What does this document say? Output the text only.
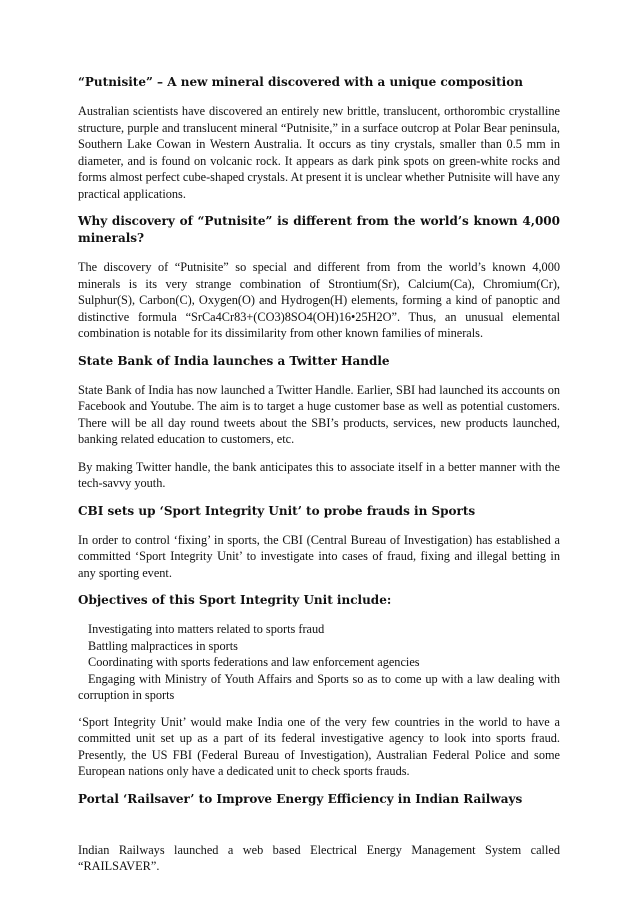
“Putnisite” – A new mineral discovered with a unique composition

Australian scientists have discovered an entirely new brittle, translucent, orthorombic crystalline structure, purple and translucent mineral “Putnisite,” in a surface outcrop at Polar Bear peninsula, Southern Lake Cowan in Western Australia. It occurs as tiny crystals, smaller than 0.5 mm in diameter, and is found on volcanic rock. It appears as dark pink spots on green-white rocks and forms almost perfect cube-shaped crystals. At present it is unclear whether Putnisite will have any practical applications.

Why discovery of “Putnisite” is different from the world’s known 4,000 minerals?

The discovery of “Putnisite” so special and different from from the world’s known 4,000 minerals is its very strange combination of Strontium(Sr), Calcium(Ca), Chromium(Cr), Sulphur(S), Carbon(C), Oxygen(O) and Hydrogen(H) elements, forming a kind of panoptic and distinctive formula “SrCa4Cr83+(CO3)8SO4(OH)16•25H2O”. Thus, an unusual elemental combination is notable for its dissimilarity from other known families of minerals.

State Bank of India launches a Twitter Handle

State Bank of India has now launched a Twitter Handle. Earlier, SBI had launched its accounts on Facebook and Youtube. The aim is to target a huge customer base as well as potential customers. There will be all day round tweets about the SBI’s products, services, new products launched, banking related education to customers, etc.

By making Twitter handle, the bank anticipates this to associate itself in a better manner with the tech-savvy youth.

CBI sets up ‘Sport Integrity Unit’ to probe frauds in Sports

In order to control ‘fixing’ in sports, the CBI (Central Bureau of Investigation) has established a committed ‘Sport Integrity Unit’ to investigate into cases of fraud, fixing and illegal betting in any sporting event.

Objectives of this Sport Integrity Unit include:
Investigating into matters related to sports fraud
Battling malpractices in sports
Coordinating with sports federations and law enforcement agencies
Engaging with Ministry of Youth Affairs and Sports so as to come up with a law dealing with corruption in sports

‘Sport Integrity Unit’ would make India one of the very few countries in the world to have a committed unit set up as a part of its federal investigative agency to look into sports fraud. Presently, the US FBI (Federal Bureau of Investigation), Australian Federal Police and some European nations only have a dedicated unit to check sports frauds.

Portal ‘Railsaver’ to Improve Energy Efficiency in Indian Railways

Indian Railways launched a web based Electrical Energy Management System called “RAILSAVER”.
